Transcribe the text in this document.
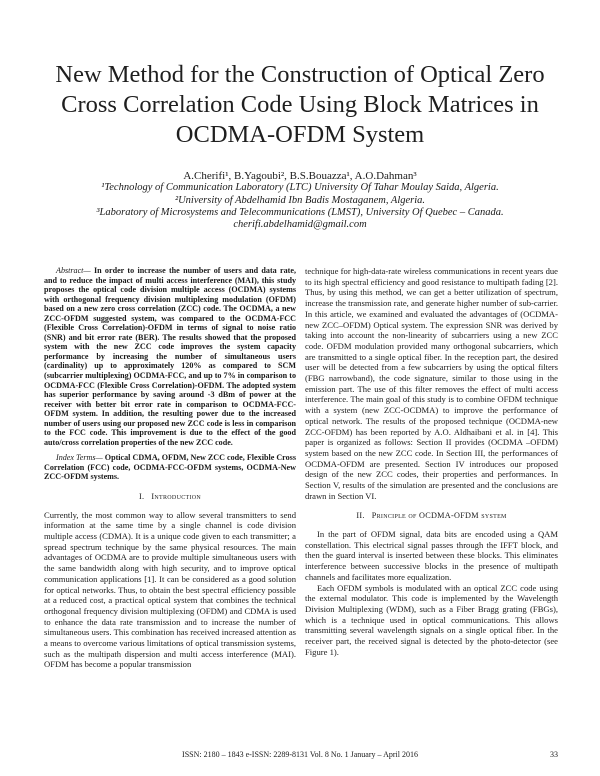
New Method for the Construction of Optical Zero Cross Correlation Code Using Block Matrices in OCDMA-OFDM System
A.Cherifi¹, B.Yagoubi², B.S.Bouazza¹, A.O.Dahman³
¹Technology of Communication Laboratory (LTC) University Of Tahar Moulay Saida, Algeria.
²University of Abdelhamid Ibn Badis Mostaganem, Algeria.
³Laboratory of Microsystems and Telecommunications (LMST), University Of Quebec – Canada.
cherifi.abdelhamid@gmail.com

Abstract— In order to increase the number of users and data rate, and to reduce the impact of multi access interference (MAI), this study proposes the optical code division multiple access (OCDMA) systems with orthogonal frequency division multiplexing modulation (OFDM) based on a new zero cross correlation (ZCC) code. The OCDMA, a new ZCC-OFDM suggested system, was compared to the OCDMA-FCC (Flexible Cross Correlation)-OFDM in terms of signal to noise ratio (SNR) and bit error rate (BER). The results showed that the proposed system with the new ZCC code improves the system capacity performance by increasing the number of simultaneous users (cardinality) up to approximately 120% as compared to SCM (subcarrier multiplexing) OCDMA-FCC, and up to 7% in comparison to OCDMA-FCC (Flexible Cross Correlation)-OFDM. The adopted system has superior performance by saving around -3 dBm of power at the receiver with better bit error rate in comparison to OCDMA-FCC-OFDM system. In addition, the resulting power due to the increased number of users using our proposed new ZCC code is less in comparison to the FCC code. This improvement is due to the effect of the good auto/cross correlation properties of the new ZCC code.

Index Terms— Optical CDMA, OFDM, New ZCC code, Flexible Cross Correlation (FCC) code, OCDMA-FCC-OFDM systems, OCDMA-New ZCC-OFDM systems.

I. Introduction

Currently, the most common way to allow several transmitters to send information at the same time by a single channel is code division multiple access (CDMA). It is a unique code given to each transmitter; a spread spectrum technique by the same physical resources. The main advantages of OCDMA are to provide multiple simultaneous users with the same bandwidth along with high security, and to improve optical communication applications [1]. It can be considered as a good solution for optical networks. Thus, to obtain the best spectral efficiency possible at a reduced cost, a practical optical system that combines the technical orthogonal frequency division multiplexing (OFDM) and CDMA is used to enhance the data rate transmission and to increase the number of simultaneous users. This combination has received increased attention as a means to overcome various limitations of optical transmission systems, such as the multipath dispersion and multi access interference (MAI). OFDM has become a popular transmission

technique for high-data-rate wireless communications in recent years due to its high spectral efficiency and good resistance to multipath fading [2]. Thus, by using this method, we can get a better utilization of spectrum, increase the transmission rate, and generate higher number of sub-carrier. In this article, we examined and evaluated the advantages of (OCDMA-new ZCC–OFDM) Optical system. The expression SNR was derived by taking into account the non-linearity of subcarriers using a new ZCC code. OFDM modulation provided many orthogonal subcarriers, which are transmitted to a single optical fiber. In the reception part, the desired user will be detected from a few subcarriers by using the optical filters (FBG narrowband), the code signature, similar to those using in the emission part. The use of this filter removes the effect of multi access interference. The main goal of this study is to combine OFDM technique with a system (new ZCC-OCDMA) to improve the performance of optical network. The results of the proposed technique (OCDMA-new ZCC-OFDM) has been reported by A.O. Aldhaibani et al. in [4]. This paper is organized as follows: Section II provides (OCDMA –OFDM) system based on the new ZCC code. In Section III, the performances of OCDMA-OFDM are presented. Section IV introduces our proposed design of the new ZCC codes, their properties and performances. In Section V, results of the simulation are presented and the conclusions are drawn in Section VI.

II. Principle of OCDMA-OFDM system

In the part of OFDM signal, data bits are encoded using a QAM constellation. This electrical signal passes through the IFFT block, and then the guard interval is inserted between these blocks. This eliminates interference between successive blocks in the presence of multipath channels and facilitates more equalization.

Each OFDM symbols is modulated with an optical ZCC code using the external modulator. This code is implemented by the Wavelength Division Multiplexing (WDM), such as a Fiber Bragg grating (FBGs), which is a technique used in optical communications. This allows transmitting several wavelength signals on a single optical fiber. In the receiver part, the received signal is detected by the photo-detector (see Figure 1).

ISSN: 2180 – 1843 e-ISSN: 2289-8131 Vol. 8 No. 1 January – April 2016	33
